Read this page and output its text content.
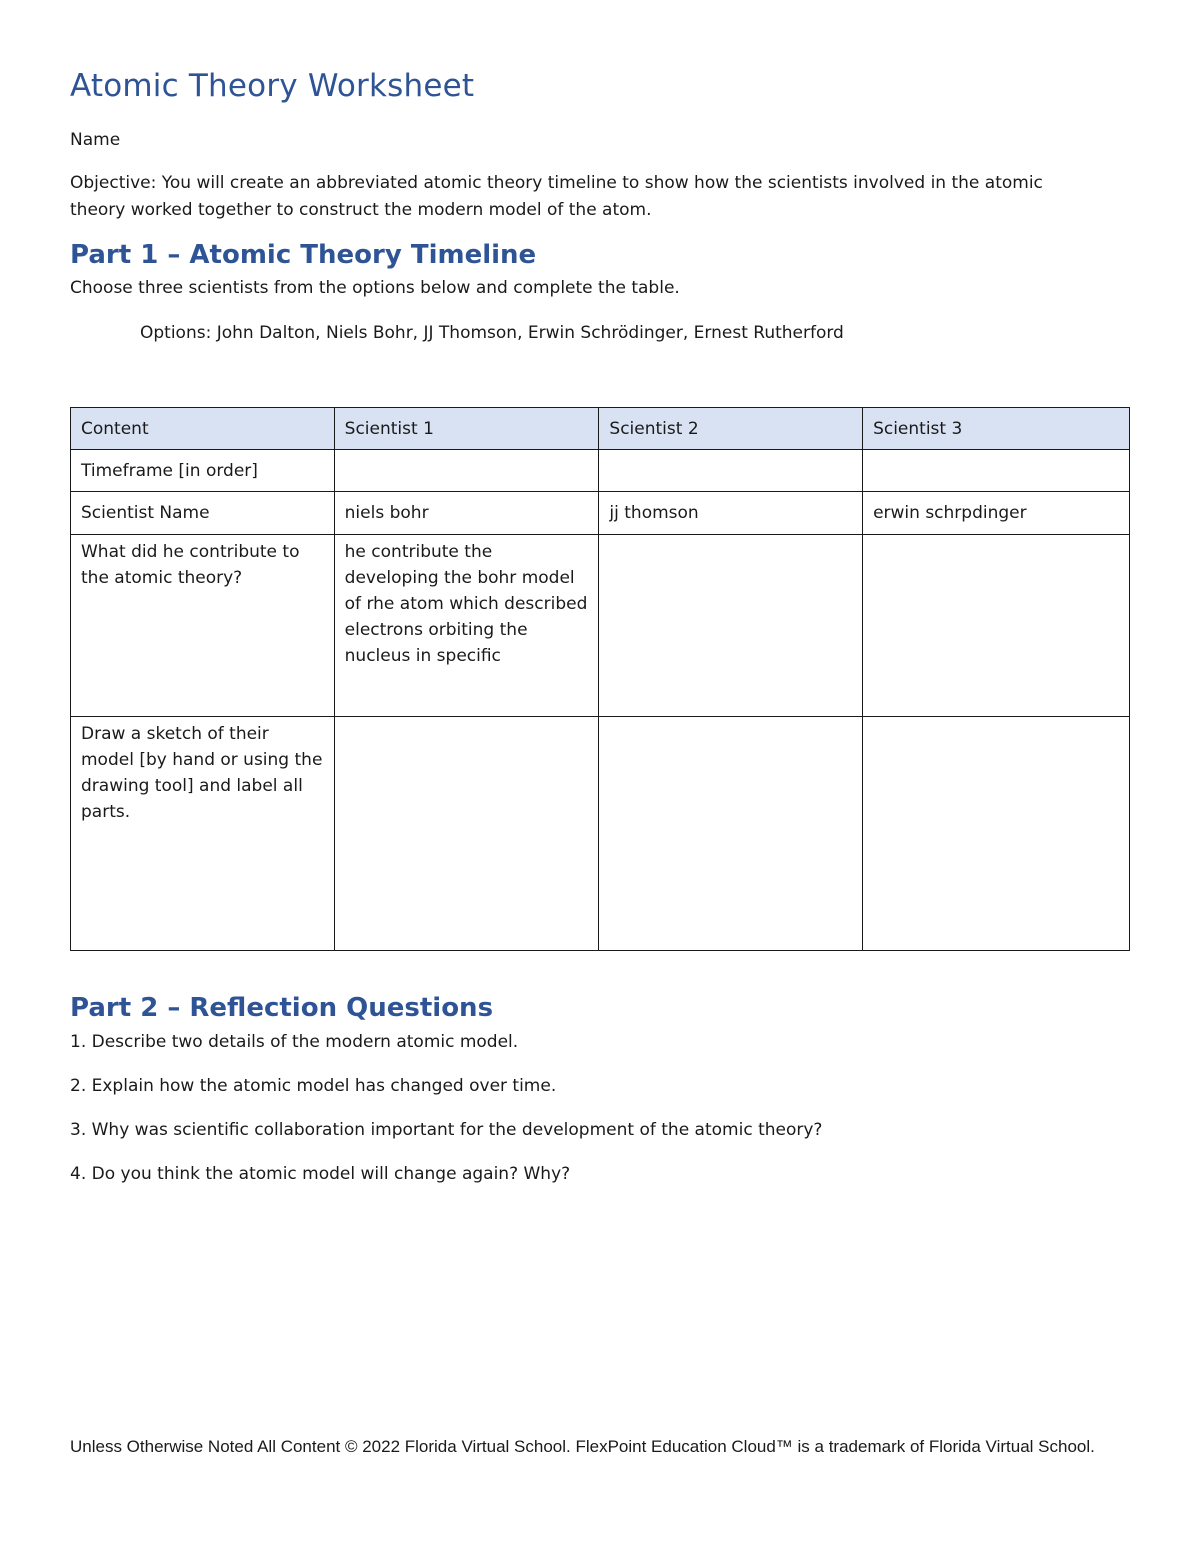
Atomic Theory Worksheet
Name
Objective: You will create an abbreviated atomic theory timeline to show how the scientists involved in the atomic theory worked together to construct the modern model of the atom.
Part 1 – Atomic Theory Timeline
Choose three scientists from the options below and complete the table.
Options: John Dalton, Niels Bohr, JJ Thomson, Erwin Schrödinger, Ernest Rutherford
Content	Scientist 1	Scientist 2	Scientist 3
Timeframe [in order]			
Scientist Name	niels bohr	jj thomson	erwin schrpdinger
What did he contribute to the atomic theory?	he contribute the developing the bohr model of rhe atom which described electrons orbiting the nucleus in specific		
Draw a sketch of their model [by hand or using the drawing tool] and label all parts.			
Part 2 – Reflection Questions
1. Describe two details of the modern atomic model.
2. Explain how the atomic model has changed over time.
3. Why was scientific collaboration important for the development of the atomic theory?
4. Do you think the atomic model will change again? Why?
Unless Otherwise Noted All Content © 2022 Florida Virtual School. FlexPoint Education Cloud™ is a trademark of Florida Virtual School.
